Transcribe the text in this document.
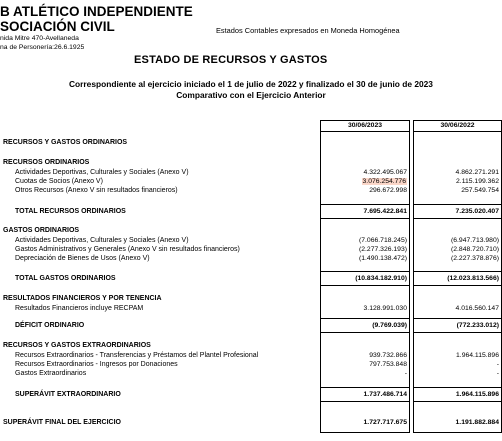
B ATLÉTICO INDEPENDIENTE
SOCIACIÓN CIVIL
nida Mitre 470-Avellaneda
na de Personería:26.6.1925
Estados Contables expresados en Moneda Homogénea
ESTADO DE RECURSOS Y GASTOS
Correspondiente al ejercicio iniciado el 1 de julio de 2022 y finalizado el 30 de junio de 2023
Comparativo con el Ejercicio Anterior
30/06/2023	30/06/2022
RECURSOS Y GASTOS ORDINARIOS
RECURSOS ORDINARIOS
Actividades Deportivas, Culturales y Sociales (Anexo V)	4.322.495.067	4.862.271.291
Cuotas de Socios (Anexo V)	3.076.254.776	2.115.199.362
Otros Recursos (Anexo V sin resultados financieros)	296.672.998	257.549.754
TOTAL RECURSOS ORDINARIOS	7.695.422.841	7.235.020.407
GASTOS ORDINARIOS
Actividades Deportivas, Culturales y Sociales (Anexo V)	(7.066.718.245)	(6.947.713.980)
Gastos Administrativos y Generales (Anexo V sin resultados financieros)	(2.277.326.193)	(2.848.720.710)
Depreciación de Bienes de Usos (Anexo V)	(1.490.138.472)	(2.227.378.876)
TOTAL GASTOS ORDINARIOS	(10.834.182.910)	(12.023.813.566)
RESULTADOS FINANCIEROS Y POR TENENCIA
Resultados Financieros incluye RECPAM	3.128.991.030	4.016.560.147
DÉFICIT ORDINARIO	(9.769.039)	(772.233.012)
RECURSOS Y GASTOS EXTRAORDINARIOS
Recursos Extraordinarios - Transferencias y Préstamos del Plantel Profesional	939.732.866	1.964.115.896
Recursos Extraordinarios - Ingresos por Donaciones	797.753.848	-
Gastos Extraordinarios	-	-
SUPERÁVIT EXTRAORDINARIO	1.737.486.714	1.964.115.896
SUPERÁVIT FINAL DEL EJERCICIO	1.727.717.675	1.191.882.884
